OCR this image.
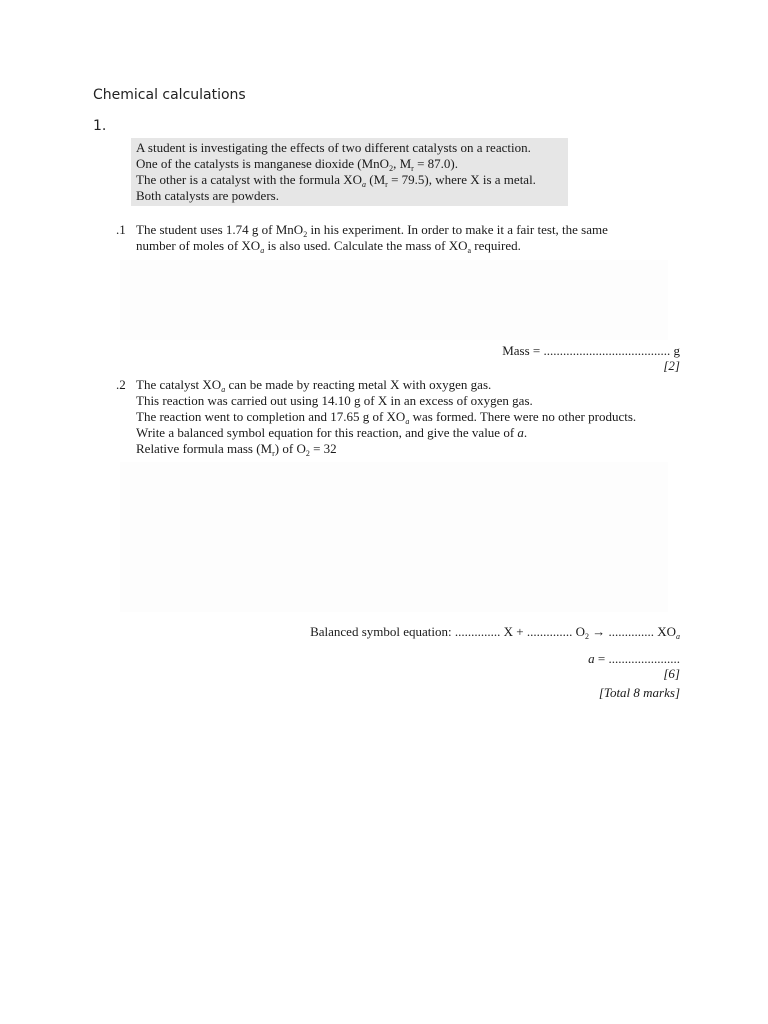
Chemical calculations
1.
A student is investigating the effects of two different catalysts on a reaction.
One of the catalysts is manganese dioxide (MnO$_2$, $M_r = 87.0$).
The other is a catalyst with the formula $XO_a$ $(M_r = 79.5)$, where X is a metal.
Both catalysts are powders.
.1 The student uses 1.74 g of MnO$_2$ in his experiment. In order to make it a fair test, the same
number of moles of $XO_a$ is also used. Calculate the mass of $XO_a$ required.
Mass = ....................................... g
[2]
.2 The catalyst $XO_a$ can be made by reacting metal X with oxygen gas.
This reaction was carried out using 14.10 g of X in an excess of oxygen gas.
The reaction went to completion and 17.65 g of $XO_a$ was formed. There were no other products.
Write a balanced symbol equation for this reaction, and give the value of a.
Relative formula mass $(M_r)$ of $O_2 = 32$
Balanced symbol equation: .............. X + .............. $O_2$ → .............. $XO_a$
a = ......................
[6]
[Total 8 marks]
